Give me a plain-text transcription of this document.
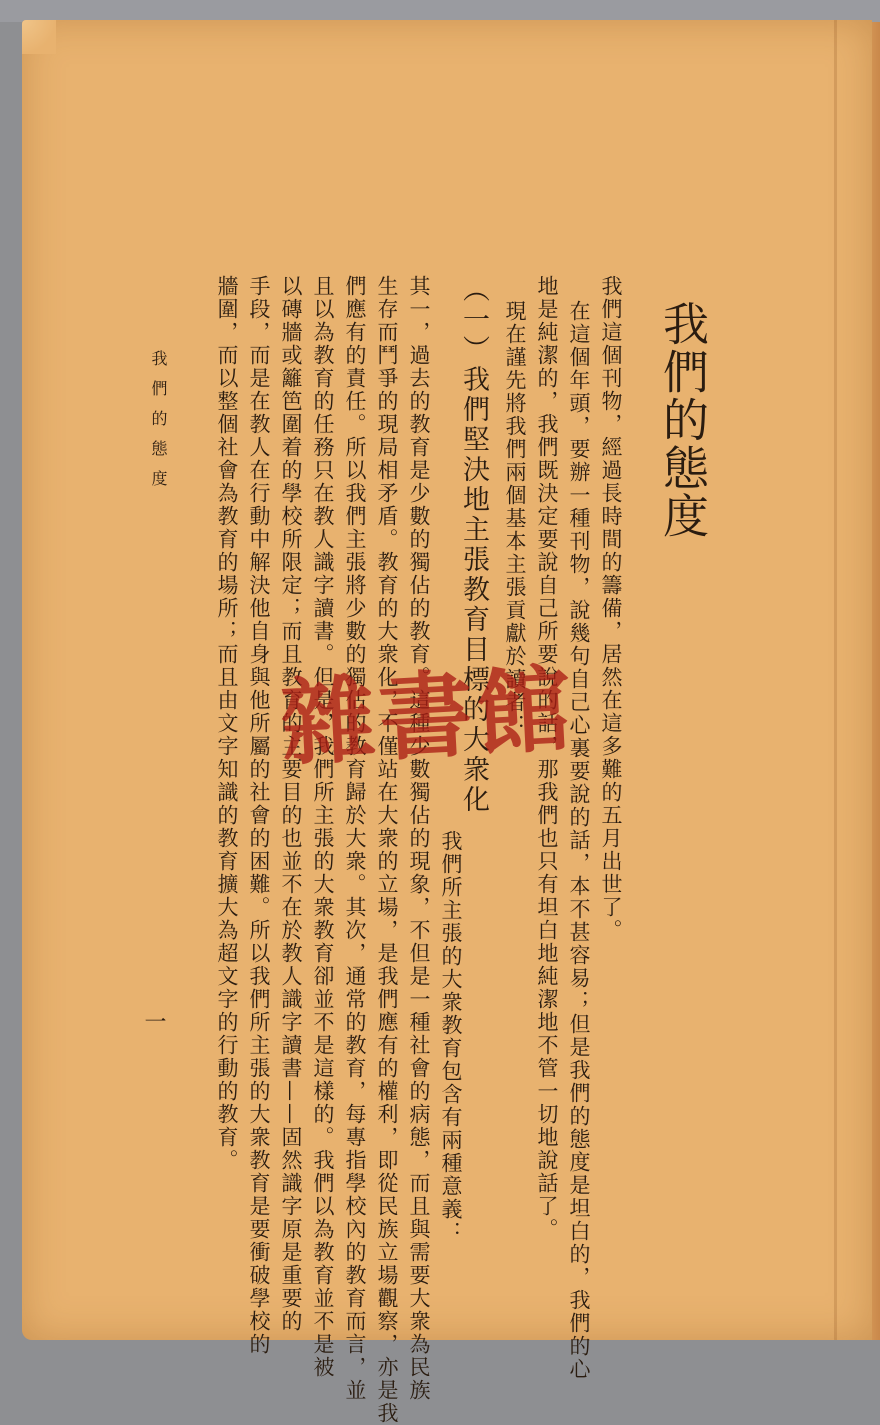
我們的態度
我們這個刊物，經過長時間的籌備，居然在這多難的五月出世了。
在這個年頭，要辦一種刊物，說幾句自己心裏要說的話，本不甚容易；但是我們的態度是坦白的，我們的心
地是純潔的，我們既決定要說自己所要說的話，那我們也只有坦白地純潔地不管一切地說話了。
現在謹先將我們兩個基本主張貢獻於讀者：
（一）我們堅決地主張教育目標的大衆化
我們所主張的大衆教育包含有兩種意義：
其一，過去的教育是少數的獨佔的教育。這種少數獨佔的現象，不但是一種社會的病態，而且與需要大衆為民族
生存而鬥爭的現局相矛盾。教育的大衆化，不僅站在大衆的立場，是我們應有的權利，即從民族立場觀察，亦是我
們應有的責任。所以我們主張將少數的獨佔的教育歸於大衆。其次，通常的教育，每專指學校內的教育而言，並
且以為教育的任務只在教人識字讀書。但是，我們所主張的大衆教育卻並不是這樣的。我們以為教育並不是被
以磚牆或籬笆圍着的學校所限定；而且教育的主要目的也並不在於教人識字讀書——固然識字原是重要的
手段，而是在教人在行動中解決他自身與他所屬的社會的困難。所以我們所主張的大衆教育是要衝破學校的
牆圍，而以整個社會為教育的場所；而且由文字知識的教育擴大為超文字的行動的教育。
我們的態度
一
雜書館
